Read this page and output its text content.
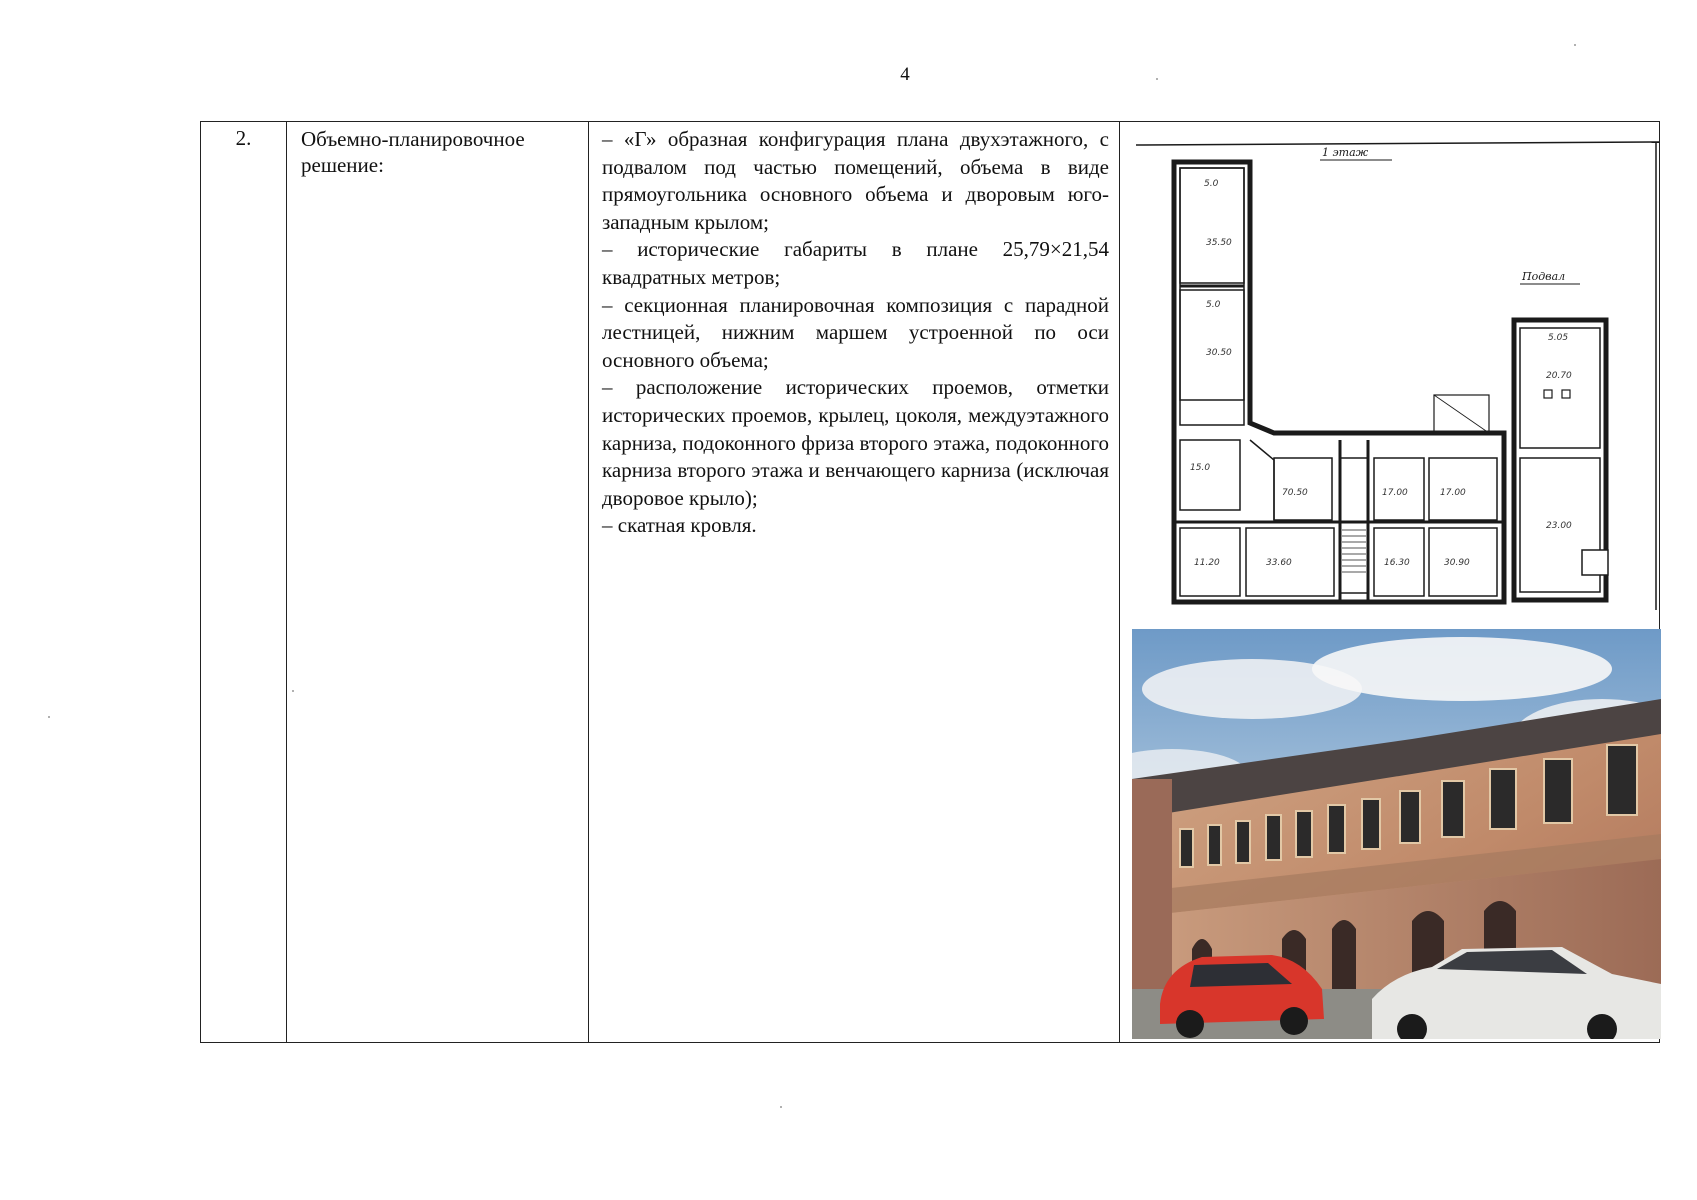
4
2.	Объемно-планировочное решение:

– «Г» образная конфигурация плана двухэтажного, с подвалом под частью помещений, объема в виде прямоугольника основного объема и дворовым юго-западным крылом;

– исторические габариты в плане 25,79×21,54 квадратных метров;

– секционная планировочная композиция с парадной лестницей, нижним маршем устроенной по оси основного объема;

– расположение исторических проемов, отметки исторических проемов, крылец, цоколя, междуэтажного карниза, подоконного фриза второго этажа, подоконного карниза второго этажа и венчающего карниза (исключая дворовое крыло);

– скатная кровля.

5.0
35.50
5.0
30.50
15.0
70.50	17.00	17.00
11.20	33.60	16.30	30.90
5.05
20.70
23.00
1 этаж
Подвал
